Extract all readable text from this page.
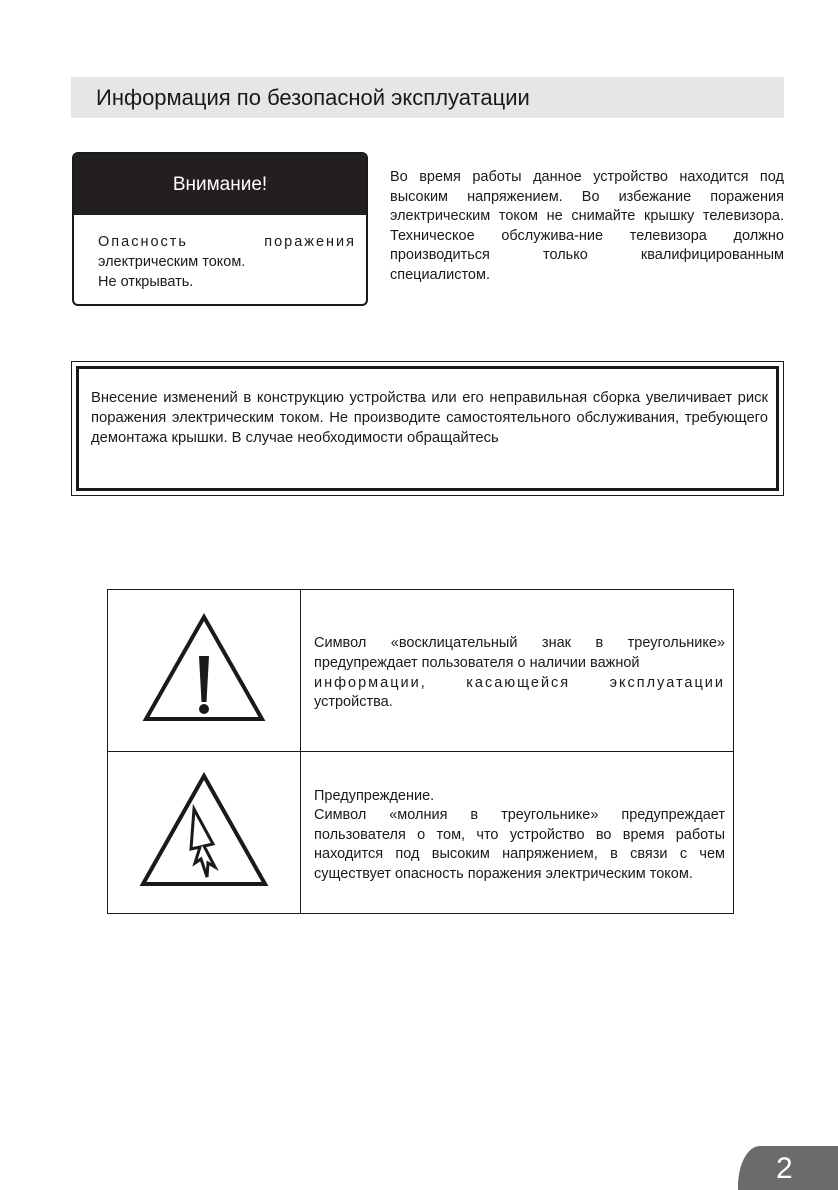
Информация по безопасной эксплуатации
Внимание!

Опасность поражения

электрическим током.

Не открывать.

Во время работы данное устройство находится под высоким напряжением. Во избежание поражения электрическим током не снимайте крышку телевизора. Техническое обслужива-ние телевизора должно производиться только квалифицированным специалистом.

Внесение изменений в конструкцию устройства или его неправильная сборка увеличивает риск поражения электрическим током. Не производите самостоятельного обслуживания, требующего демонтажа крышки. В случае необходимости обращайтесь

Символ «восклицательный знак в треугольнике» предупреждает пользователя о наличии важной
информации, касающейся эксплуатации
устройства.

Предупреждение.

Символ «молния в треугольнике» предупреждает пользователя о том, что устройство во время работы находится под высоким напряжением, в связи с чем существует опасность поражения электрическим током.

2
